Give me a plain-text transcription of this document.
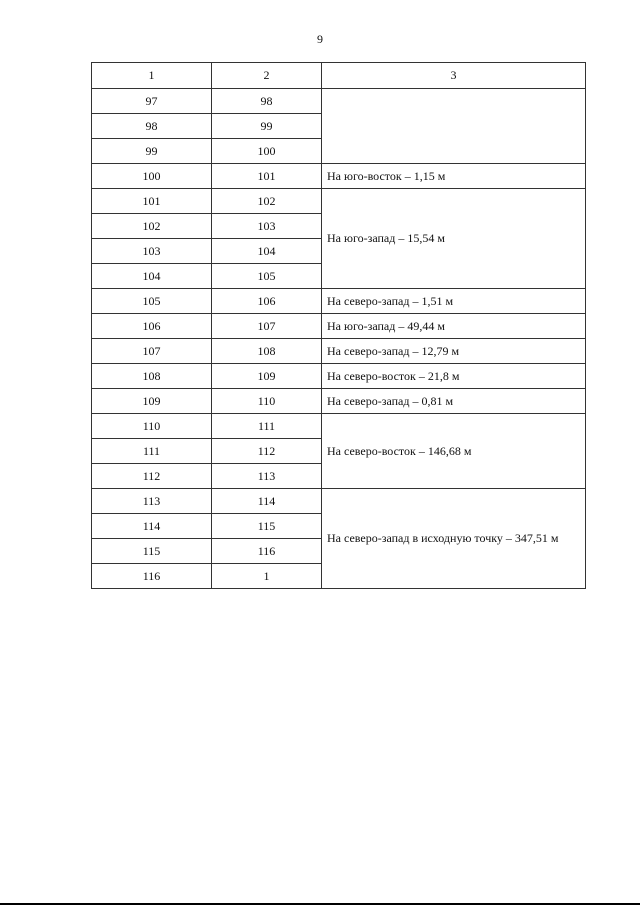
9
1	2	3
97	98	
98	99	
99	100	
100	101	На юго-восток – 1,15 м
101	102	На юго-запад – 15,54 м
102	103	
103	104	
104	105	
105	106	На северо-запад – 1,51 м
106	107	На юго-запад – 49,44 м
107	108	На северо-запад – 12,79 м
108	109	На северо-восток – 21,8 м
109	110	На северо-запад – 0,81 м
110	111	На северо-восток – 146,68 м
111	112	
112	113	
113	114	На северо-запад в исходную точку – 347,51 м
114	115	
115	116	
116	1	
